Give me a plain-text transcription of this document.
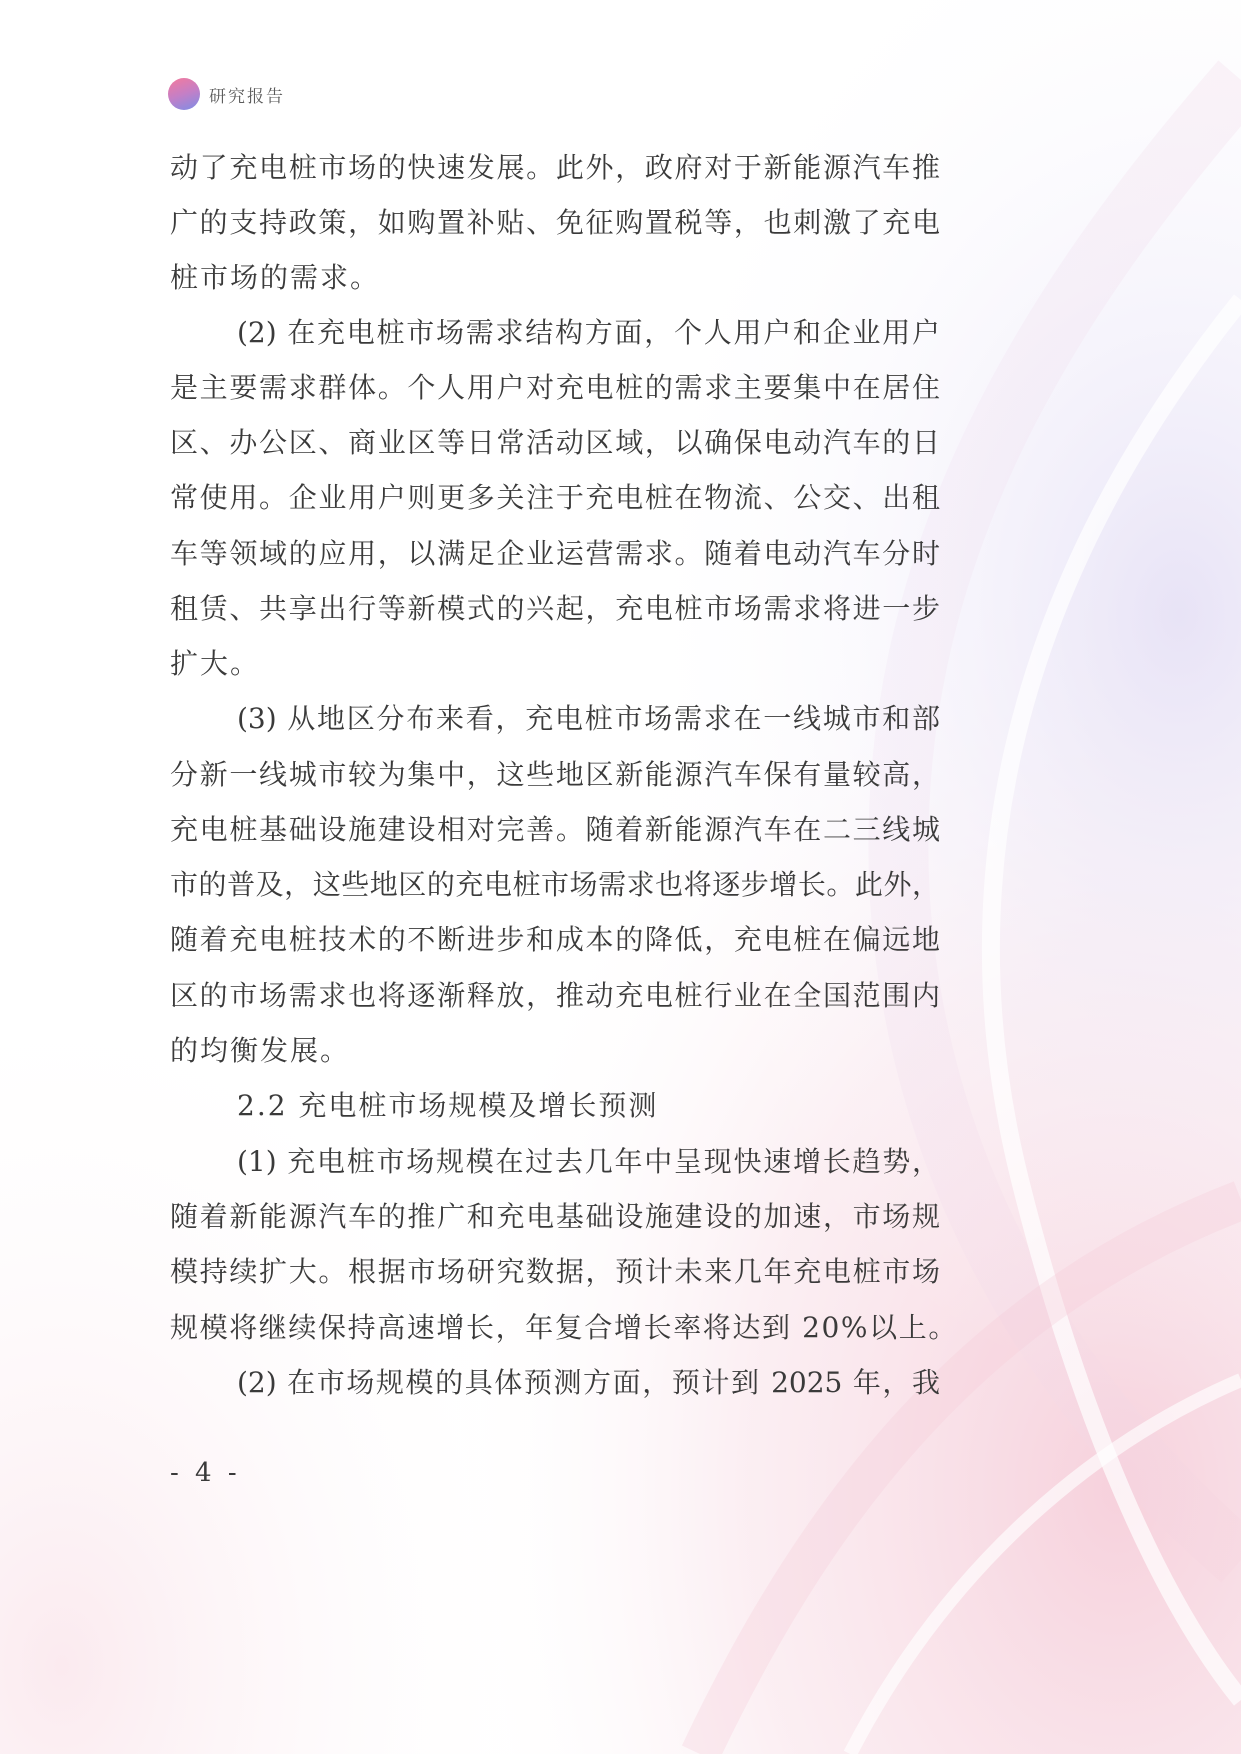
研究报告
动了充电桩市场的快速发展。此外，政府对于新能源汽车推
广的支持政策，如购置补贴、免征购置税等，也刺激了充电
桩市场的需求。
(2) 在充电桩市场需求结构方面，个人用户和企业用户
是主要需求群体。个人用户对充电桩的需求主要集中在居住
区、办公区、商业区等日常活动区域，以确保电动汽车的日
常使用。企业用户则更多关注于充电桩在物流、公交、出租
车等领域的应用，以满足企业运营需求。随着电动汽车分时
租赁、共享出行等新模式的兴起，充电桩市场需求将进一步
扩大。
(3) 从地区分布来看，充电桩市场需求在一线城市和部
分新一线城市较为集中，这些地区新能源汽车保有量较高，
充电桩基础设施建设相对完善。随着新能源汽车在二三线城
市的普及，这些地区的充电桩市场需求也将逐步增长。此外，
随着充电桩技术的不断进步和成本的降低，充电桩在偏远地
区的市场需求也将逐渐释放，推动充电桩行业在全国范围内
的均衡发展。
2.2 充电桩市场规模及增长预测
(1) 充电桩市场规模在过去几年中呈现快速增长趋势，
随着新能源汽车的推广和充电基础设施建设的加速，市场规
模持续扩大。根据市场研究数据，预计未来几年充电桩市场
规模将继续保持高速增长，年复合增长率将达到 20%以上。
(2) 在市场规模的具体预测方面，预计到 2025 年，我
- 4 -
